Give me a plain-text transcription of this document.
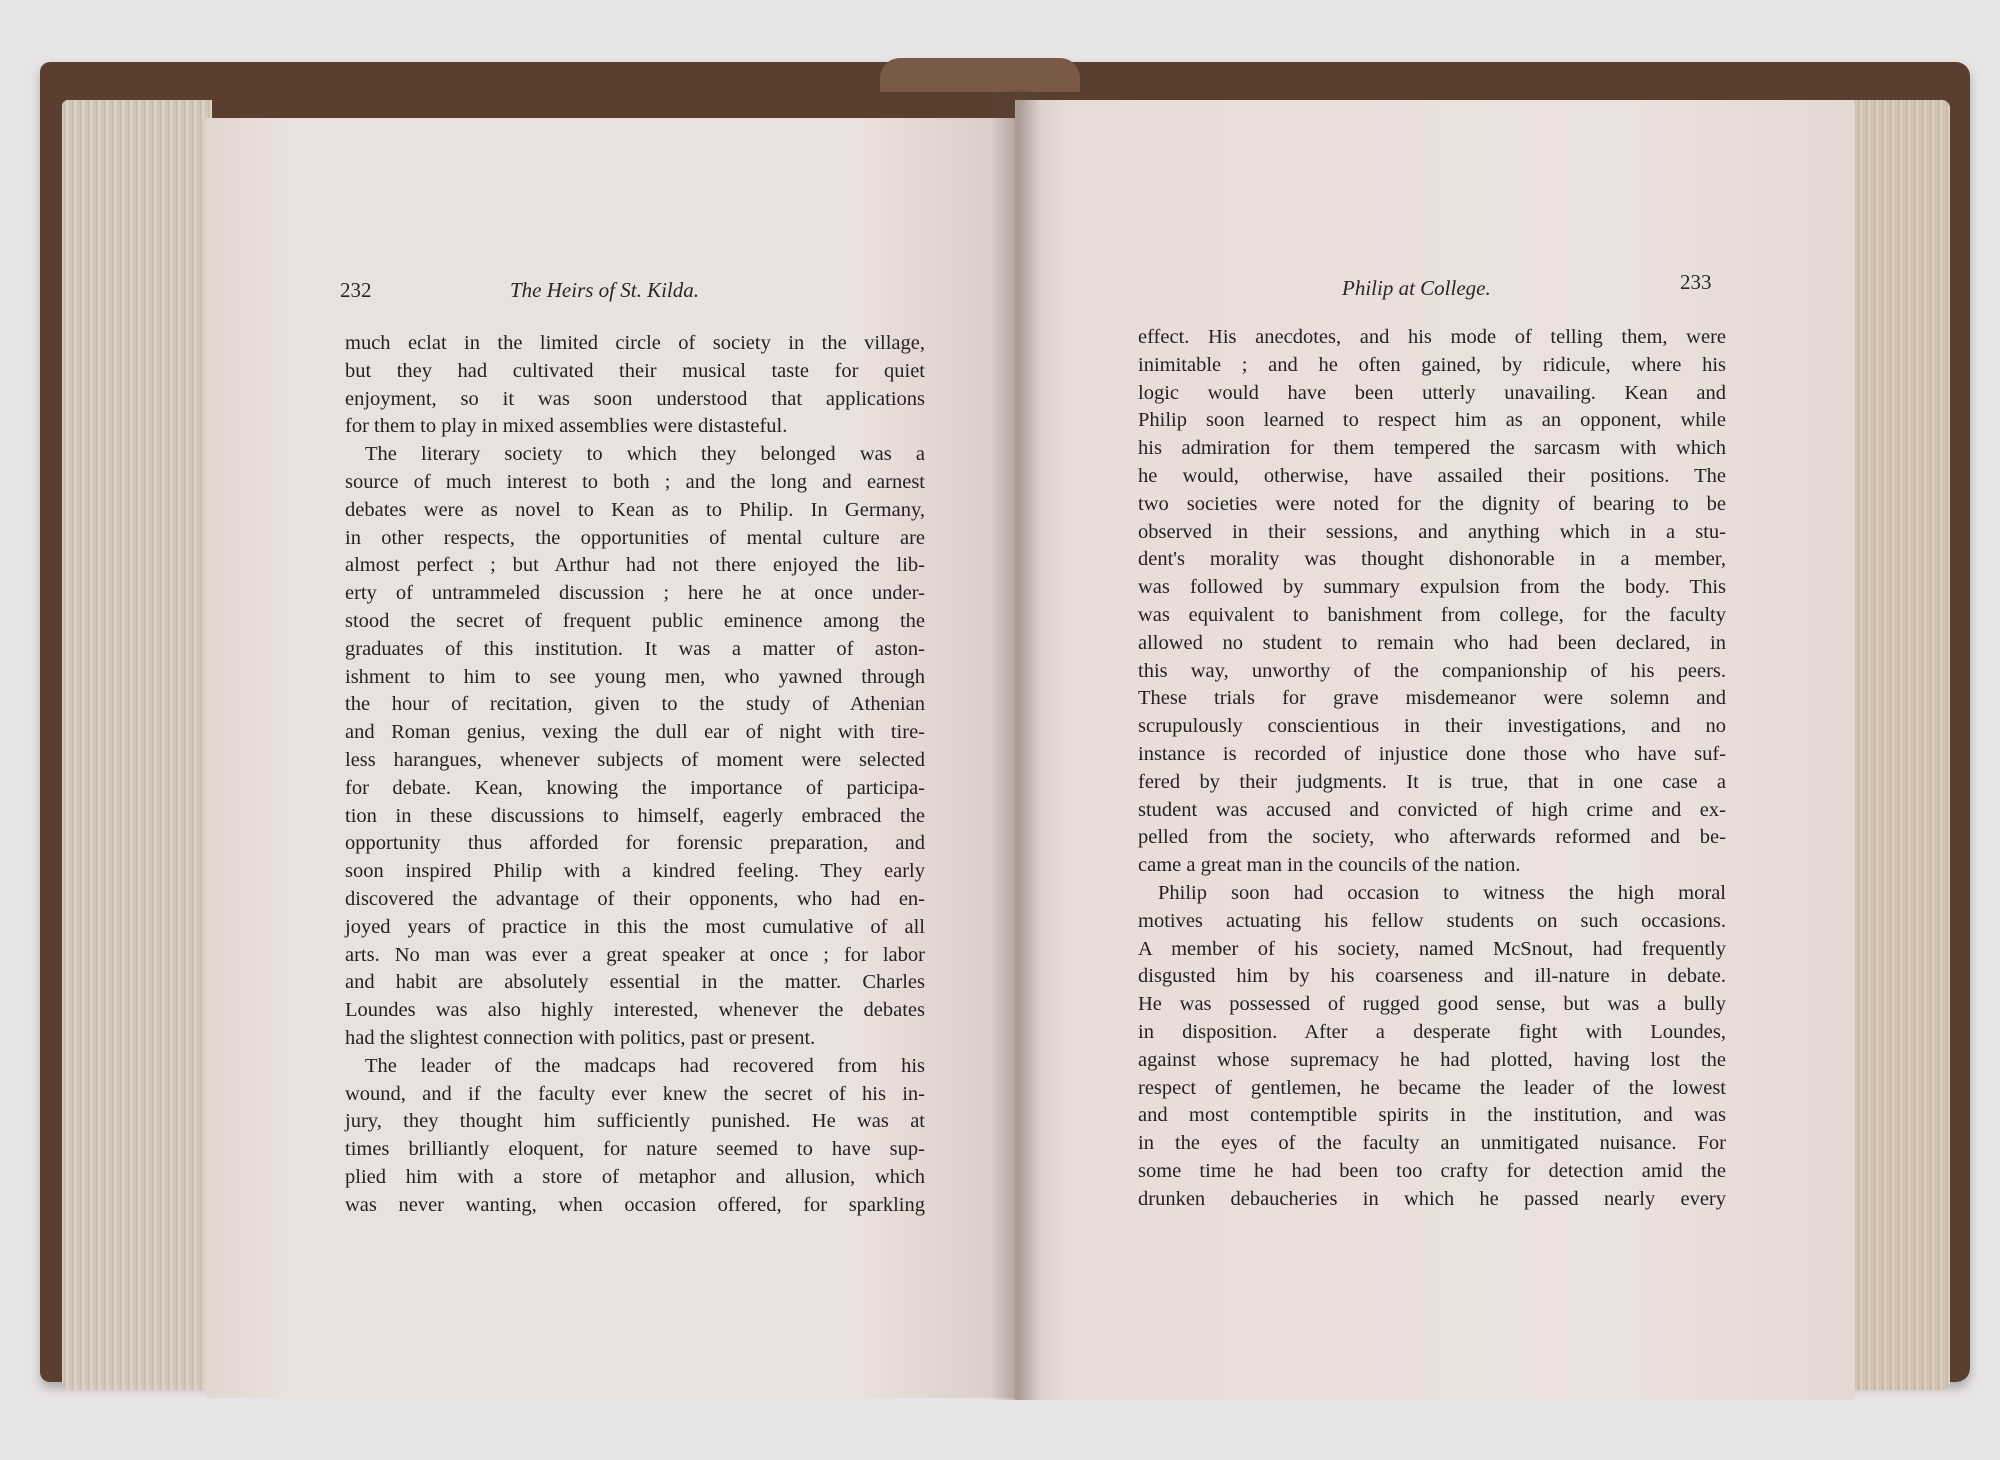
232	The Heirs of St. Kilda.	Philip at College.	233
much eclat in the limited circle of society in the village,
but they had cultivated their musical taste for quiet
enjoyment, so it was soon understood that applications
for them to play in mixed assemblies were distasteful.
The literary society to which they belonged was a
source of much interest to both ; and the long and earnest
debates were as novel to Kean as to Philip. In Germany,
in other respects, the opportunities of mental culture are
almost perfect ; but Arthur had not there enjoyed the lib-
erty of untrammeled discussion ; here he at once under-
stood the secret of frequent public eminence among the
graduates of this institution. It was a matter of aston-
ishment to him to see young men, who yawned through
the hour of recitation, given to the study of Athenian
and Roman genius, vexing the dull ear of night with tire-
less harangues, whenever subjects of moment were selected
for debate. Kean, knowing the importance of participa-
tion in these discussions to himself, eagerly embraced the
opportunity thus afforded for forensic preparation, and
soon inspired Philip with a kindred feeling. They early
discovered the advantage of their opponents, who had en-
joyed years of practice in this the most cumulative of all
arts. No man was ever a great speaker at once ; for labor
and habit are absolutely essential in the matter. Charles
Loundes was also highly interested, whenever the debates
had the slightest connection with politics, past or present.
The leader of the madcaps had recovered from his
wound, and if the faculty ever knew the secret of his in-
jury, they thought him sufficiently punished. He was at
times brilliantly eloquent, for nature seemed to have sup-
plied him with a store of metaphor and allusion, which
was never wanting, when occasion offered, for sparkling
effect. His anecdotes, and his mode of telling them, were
inimitable ; and he often gained, by ridicule, where his
logic would have been utterly unavailing. Kean and
Philip soon learned to respect him as an opponent, while
his admiration for them tempered the sarcasm with which
he would, otherwise, have assailed their positions. The
two societies were noted for the dignity of bearing to be
observed in their sessions, and anything which in a stu-
dent's morality was thought dishonorable in a member,
was followed by summary expulsion from the body. This
was equivalent to banishment from college, for the faculty
allowed no student to remain who had been declared, in
this way, unworthy of the companionship of his peers.
These trials for grave misdemeanor were solemn and
scrupulously conscientious in their investigations, and no
instance is recorded of injustice done those who have suf-
fered by their judgments. It is true, that in one case a
student was accused and convicted of high crime and ex-
pelled from the society, who afterwards reformed and be-
came a great man in the councils of the nation.
Philip soon had occasion to witness the high moral
motives actuating his fellow students on such occasions.
A member of his society, named McSnout, had frequently
disgusted him by his coarseness and ill-nature in debate.
He was possessed of rugged good sense, but was a bully
in disposition. After a desperate fight with Loundes,
against whose supremacy he had plotted, having lost the
respect of gentlemen, he became the leader of the lowest
and most contemptible spirits in the institution, and was
in the eyes of the faculty an unmitigated nuisance. For
some time he had been too crafty for detection amid the
drunken debaucheries in which he passed nearly every
